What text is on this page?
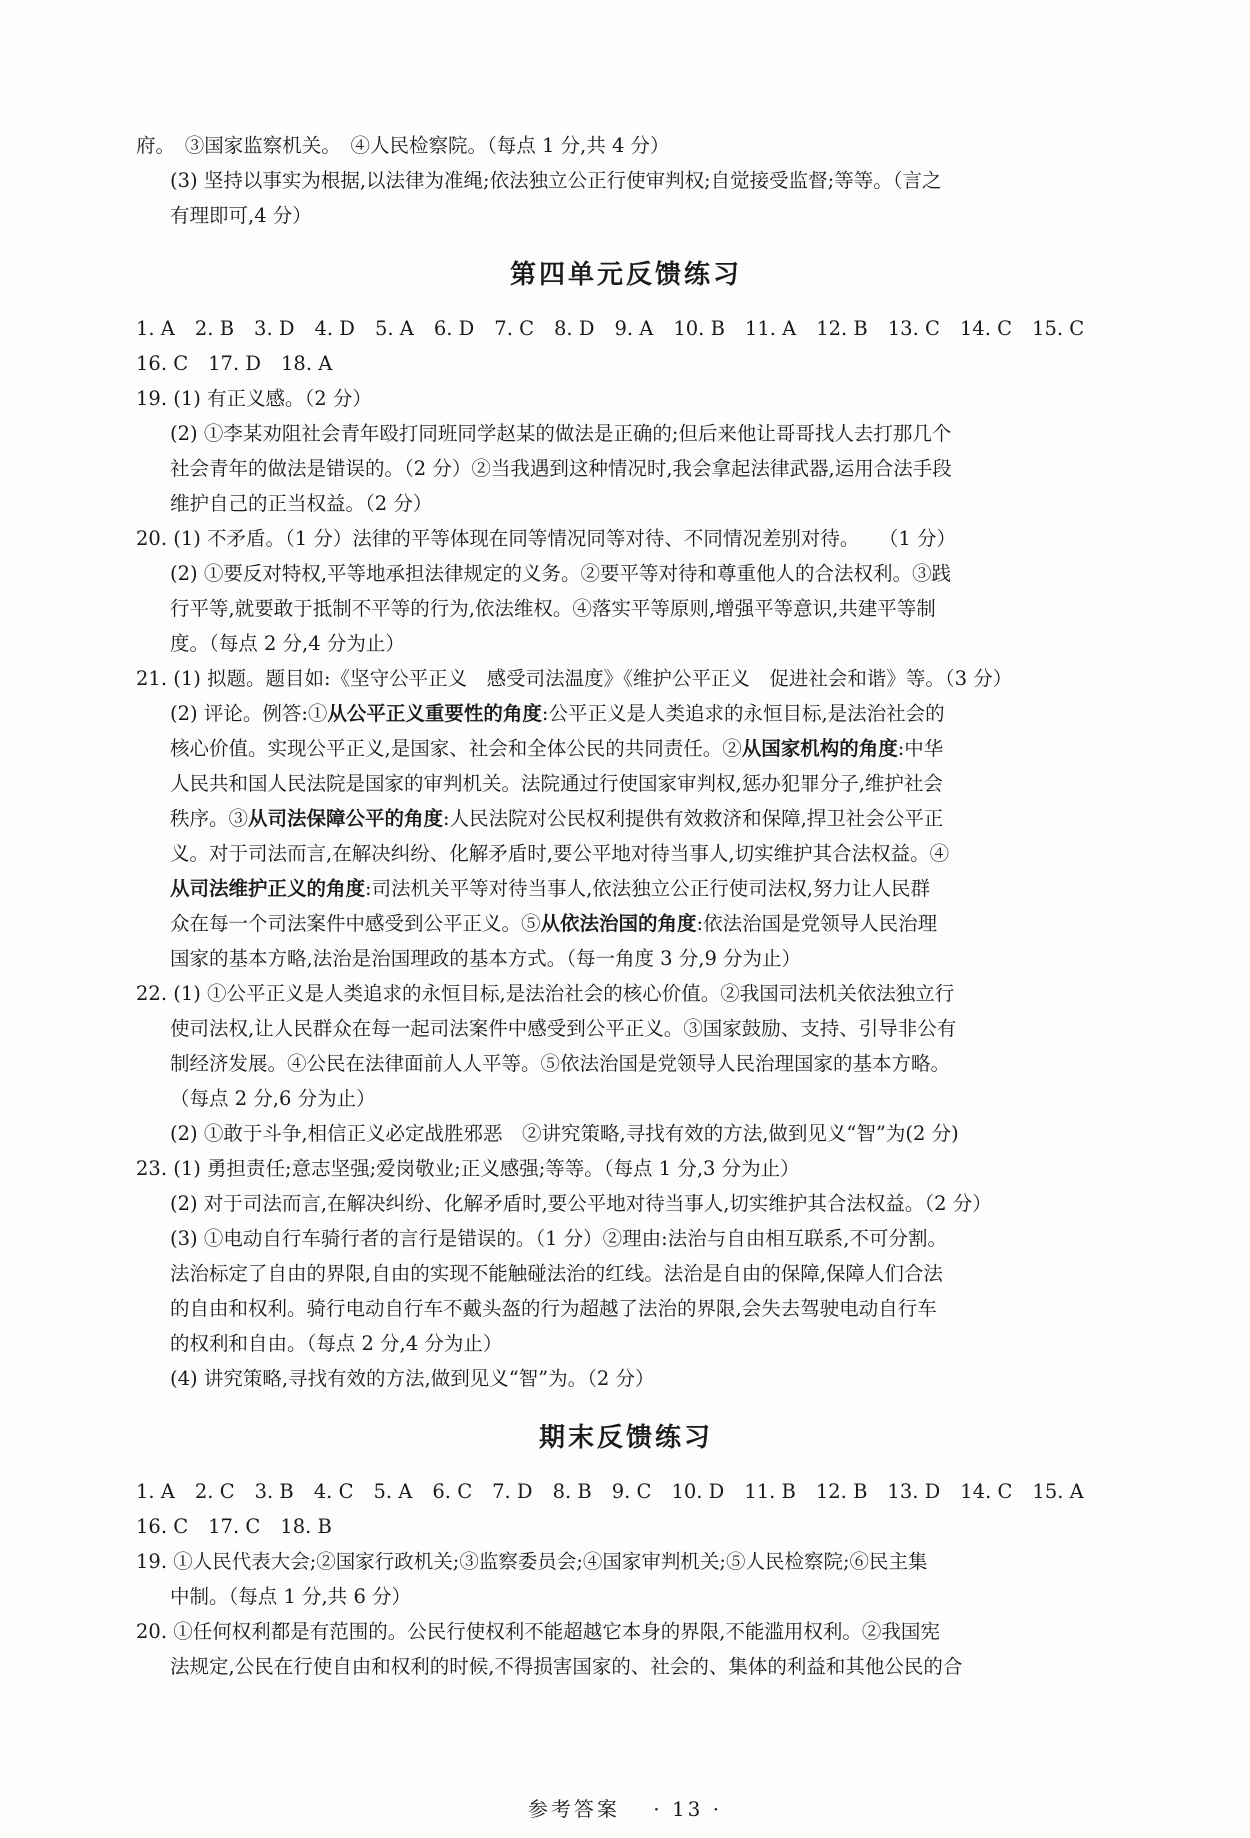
府。　③国家监察机关。　④人民检察院。（每点 1 分,共 4 分）
(3) 坚持以事实为根据,以法律为准绳;依法独立公正行使审判权;自觉接受监督;等等。（言之
有理即可,4 分）
第四单元反馈练习
1. A 2. B 3. D 4. D 5. A 6. D 7. C 8. D 9. A 10. B 11. A 12. B 13. C 14. C 15. C
16. C 17. D 18. A
19. (1) 有正义感。（2 分）
(2) ①李某劝阻社会青年殴打同班同学赵某的做法是正确的;但后来他让哥哥找人去打那几个
社会青年的做法是错误的。（2 分）②当我遇到这种情况时,我会拿起法律武器,运用合法手段
维护自己的正当权益。（2 分）
20. (1) 不矛盾。（1 分）法律的平等体现在同等情况同等对待、不同情况差别对待。　　（1 分）
(2) ①要反对特权,平等地承担法律规定的义务。②要平等对待和尊重他人的合法权利。③践
行平等,就要敢于抵制不平等的行为,依法维权。④落实平等原则,增强平等意识,共建平等制
度。（每点 2 分,4 分为止）
21. (1) 拟题。题目如:《坚守公平正义　感受司法温度》《维护公平正义　促进社会和谐》等。（3 分）
(2) 评论。例答:①从公平正义重要性的角度:公平正义是人类追求的永恒目标,是法治社会的
核心价值。实现公平正义,是国家、社会和全体公民的共同责任。②从国家机构的角度:中华
人民共和国人民法院是国家的审判机关。法院通过行使国家审判权,惩办犯罪分子,维护社会
秩序。③从司法保障公平的角度:人民法院对公民权利提供有效救济和保障,捍卫社会公平正
义。对于司法而言,在解决纠纷、化解矛盾时,要公平地对待当事人,切实维护其合法权益。④
从司法维护正义的角度:司法机关平等对待当事人,依法独立公正行使司法权,努力让人民群
众在每一个司法案件中感受到公平正义。⑤从依法治国的角度:依法治国是党领导人民治理
国家的基本方略,法治是治国理政的基本方式。（每一角度 3 分,9 分为止）
22. (1) ①公平正义是人类追求的永恒目标,是法治社会的核心价值。②我国司法机关依法独立行
使司法权,让人民群众在每一起司法案件中感受到公平正义。③国家鼓励、支持、引导非公有
制经济发展。④公民在法律面前人人平等。⑤依法治国是党领导人民治理国家的基本方略。
（每点 2 分,6 分为止）
(2) ①敢于斗争,相信正义必定战胜邪恶　②讲究策略,寻找有效的方法,做到见义“智”为(2 分)
23. (1) 勇担责任;意志坚强;爱岗敬业;正义感强;等等。（每点 1 分,3 分为止）
(2) 对于司法而言,在解决纠纷、化解矛盾时,要公平地对待当事人,切实维护其合法权益。（2 分）
(3) ①电动自行车骑行者的言行是错误的。（1 分）②理由:法治与自由相互联系,不可分割。
法治标定了自由的界限,自由的实现不能触碰法治的红线。法治是自由的保障,保障人们合法
的自由和权利。骑行电动自行车不戴头盔的行为超越了法治的界限,会失去驾驶电动自行车
的权利和自由。（每点 2 分,4 分为止）
(4) 讲究策略,寻找有效的方法,做到见义“智”为。（2 分）
期末反馈练习
1. A 2. C 3. B 4. C 5. A 6. C 7. D 8. B 9. C 10. D 11. B 12. B 13. D 14. C 15. A
16. C 17. C 18. B
19. ①人民代表大会;②国家行政机关;③监察委员会;④国家审判机关;⑤人民检察院;⑥民主集
中制。（每点 1 分,共 6 分）
20. ①任何权利都是有范围的。公民行使权利不能超越它本身的界限,不能滥用权利。②我国宪
法规定,公民在行使自由和权利的时候,不得损害国家的、社会的、集体的利益和其他公民的合
参考答案 · 13 ·
